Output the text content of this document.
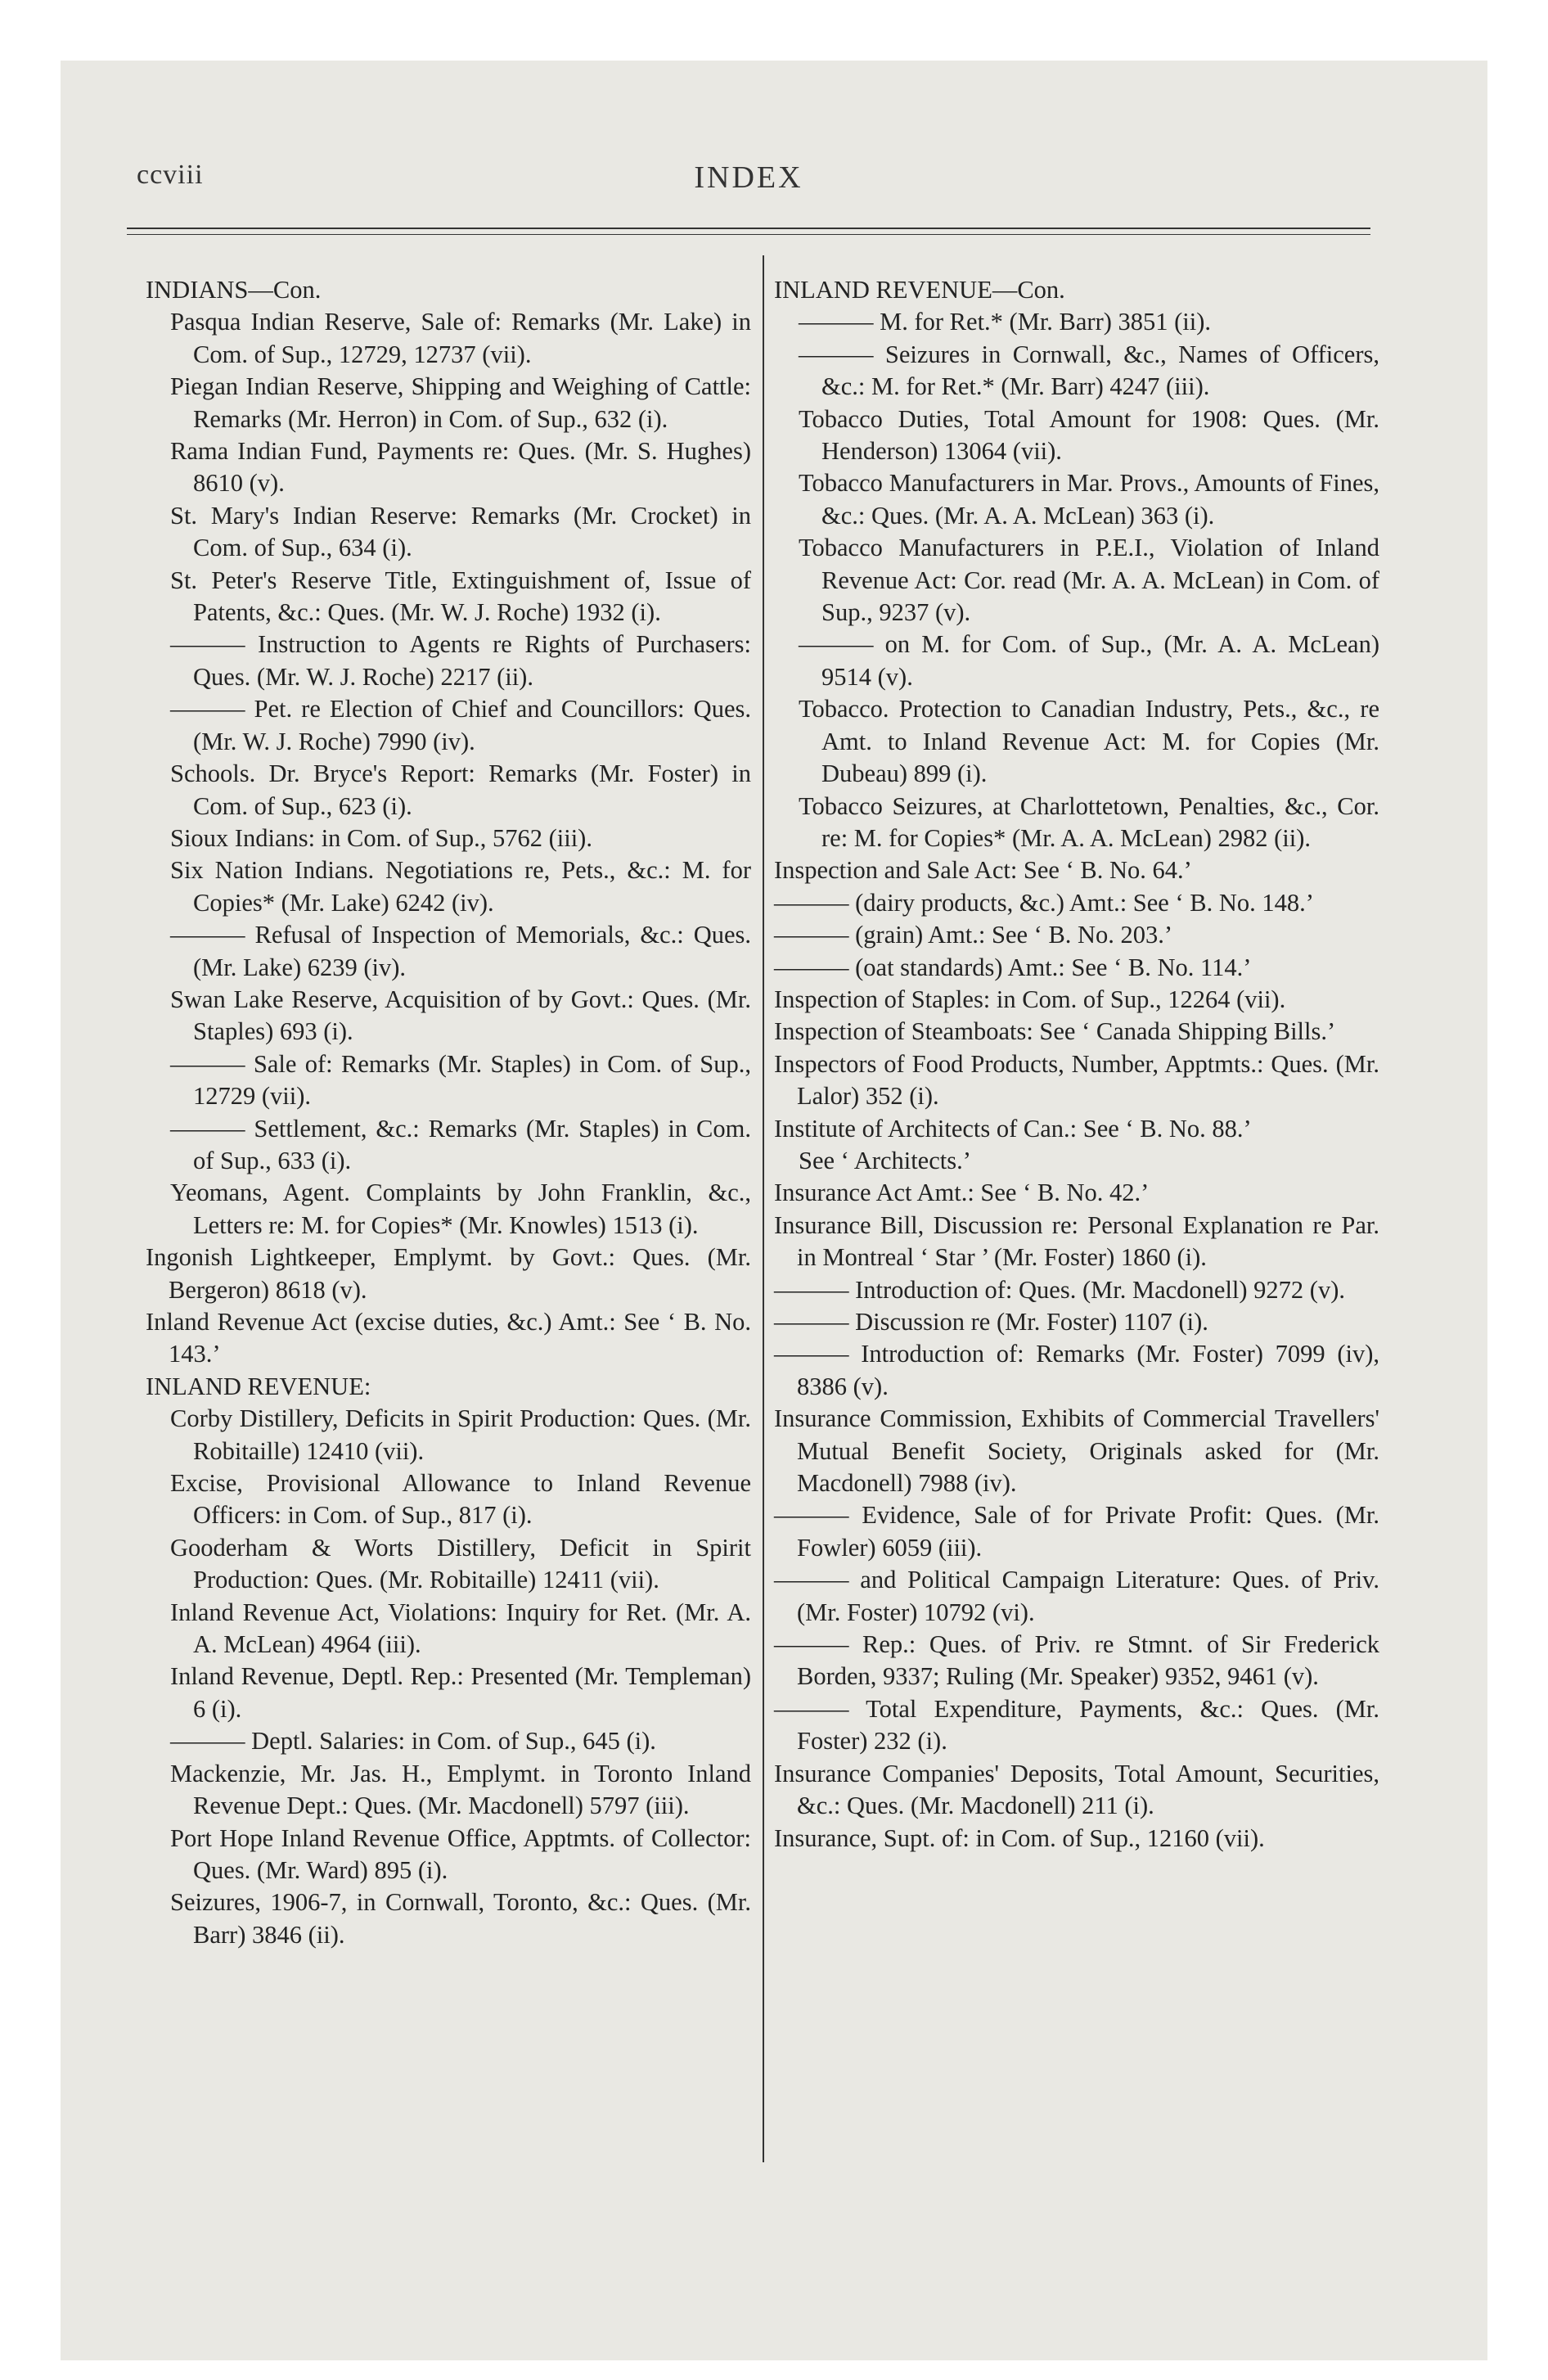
ccviii	INDEX
INDIANS—Con.
Pasqua Indian Reserve, Sale of: Remarks (Mr. Lake) in Com. of Sup., 12729, 12737 (vii).
Piegan Indian Reserve, Shipping and Weighing of Cattle: Remarks (Mr. Herron) in Com. of Sup., 632 (i).
Rama Indian Fund, Payments re: Ques. (Mr. S. Hughes) 8610 (v).
St. Mary's Indian Reserve: Remarks (Mr. Crocket) in Com. of Sup., 634 (i).
St. Peter's Reserve Title, Extinguishment of, Issue of Patents, &c.: Ques. (Mr. W. J. Roche) 1932 (i).
——— Instruction to Agents re Rights of Purchasers: Ques. (Mr. W. J. Roche) 2217 (ii).
——— Pet. re Election of Chief and Councillors: Ques. (Mr. W. J. Roche) 7990 (iv).
Schools. Dr. Bryce's Report: Remarks (Mr. Foster) in Com. of Sup., 623 (i).
Sioux Indians: in Com. of Sup., 5762 (iii).
Six Nation Indians. Negotiations re, Pets., &c.: M. for Copies* (Mr. Lake) 6242 (iv).
——— Refusal of Inspection of Memorials, &c.: Ques. (Mr. Lake) 6239 (iv).
Swan Lake Reserve, Acquisition of by Govt.: Ques. (Mr. Staples) 693 (i).
——— Sale of: Remarks (Mr. Staples) in Com. of Sup., 12729 (vii).
——— Settlement, &c.: Remarks (Mr. Staples) in Com. of Sup., 633 (i).
Yeomans, Agent. Complaints by John Franklin, &c., Letters re: M. for Copies* (Mr. Knowles) 1513 (i).
Ingonish Lightkeeper, Emplymt. by Govt.: Ques. (Mr. Bergeron) 8618 (v).
Inland Revenue Act (excise duties, &c.) Amt.: See ‘ B. No. 143.’
INLAND REVENUE:
Corby Distillery, Deficits in Spirit Production: Ques. (Mr. Robitaille) 12410 (vii).
Excise, Provisional Allowance to Inland Revenue Officers: in Com. of Sup., 817 (i).
Gooderham & Worts Distillery, Deficit in Spirit Production: Ques. (Mr. Robitaille) 12411 (vii).
Inland Revenue Act, Violations: Inquiry for Ret. (Mr. A. A. McLean) 4964 (iii).
Inland Revenue, Deptl. Rep.: Presented (Mr. Templeman) 6 (i).
——— Deptl. Salaries: in Com. of Sup., 645 (i).
Mackenzie, Mr. Jas. H., Emplymt. in Toronto Inland Revenue Dept.: Ques. (Mr. Macdonell) 5797 (iii).
Port Hope Inland Revenue Office, Apptmts. of Collector: Ques. (Mr. Ward) 895 (i).
Seizures, 1906-7, in Cornwall, Toronto, &c.: Ques. (Mr. Barr) 3846 (ii).
INLAND REVENUE—Con.
——— M. for Ret.* (Mr. Barr) 3851 (ii).
——— Seizures in Cornwall, &c., Names of Officers, &c.: M. for Ret.* (Mr. Barr) 4247 (iii).
Tobacco Duties, Total Amount for 1908: Ques. (Mr. Henderson) 13064 (vii).
Tobacco Manufacturers in Mar. Provs., Amounts of Fines, &c.: Ques. (Mr. A. A. McLean) 363 (i).
Tobacco Manufacturers in P.E.I., Violation of Inland Revenue Act: Cor. read (Mr. A. A. McLean) in Com. of Sup., 9237 (v).
——— on M. for Com. of Sup., (Mr. A. A. McLean) 9514 (v).
Tobacco. Protection to Canadian Industry, Pets., &c., re Amt. to Inland Revenue Act: M. for Copies (Mr. Dubeau) 899 (i).
Tobacco Seizures, at Charlottetown, Penalties, &c., Cor. re: M. for Copies* (Mr. A. A. McLean) 2982 (ii).
Inspection and Sale Act: See ‘ B. No. 64.’
——— (dairy products, &c.) Amt.: See ‘ B. No. 148.’
——— (grain) Amt.: See ‘ B. No. 203.’
——— (oat standards) Amt.: See ‘ B. No. 114.’
Inspection of Staples: in Com. of Sup., 12264 (vii).
Inspection of Steamboats: See ‘ Canada Shipping Bills.’
Inspectors of Food Products, Number, Apptmts.: Ques. (Mr. Lalor) 352 (i).
Institute of Architects of Can.: See ‘ B. No. 88.’
See ‘ Architects.’
Insurance Act Amt.: See ‘ B. No. 42.’
Insurance Bill, Discussion re: Personal Explanation re Par. in Montreal ‘ Star ’ (Mr. Foster) 1860 (i).
——— Introduction of: Ques. (Mr. Macdonell) 9272 (v).
——— Discussion re (Mr. Foster) 1107 (i).
——— Introduction of: Remarks (Mr. Foster) 7099 (iv), 8386 (v).
Insurance Commission, Exhibits of Commercial Travellers' Mutual Benefit Society, Originals asked for (Mr. Macdonell) 7988 (iv).
——— Evidence, Sale of for Private Profit: Ques. (Mr. Fowler) 6059 (iii).
——— and Political Campaign Literature: Ques. of Priv. (Mr. Foster) 10792 (vi).
——— Rep.: Ques. of Priv. re Stmnt. of Sir Frederick Borden, 9337; Ruling (Mr. Speaker) 9352, 9461 (v).
——— Total Expenditure, Payments, &c.: Ques. (Mr. Foster) 232 (i).
Insurance Companies' Deposits, Total Amount, Securities, &c.: Ques. (Mr. Macdonell) 211 (i).
Insurance, Supt. of: in Com. of Sup., 12160 (vii).
